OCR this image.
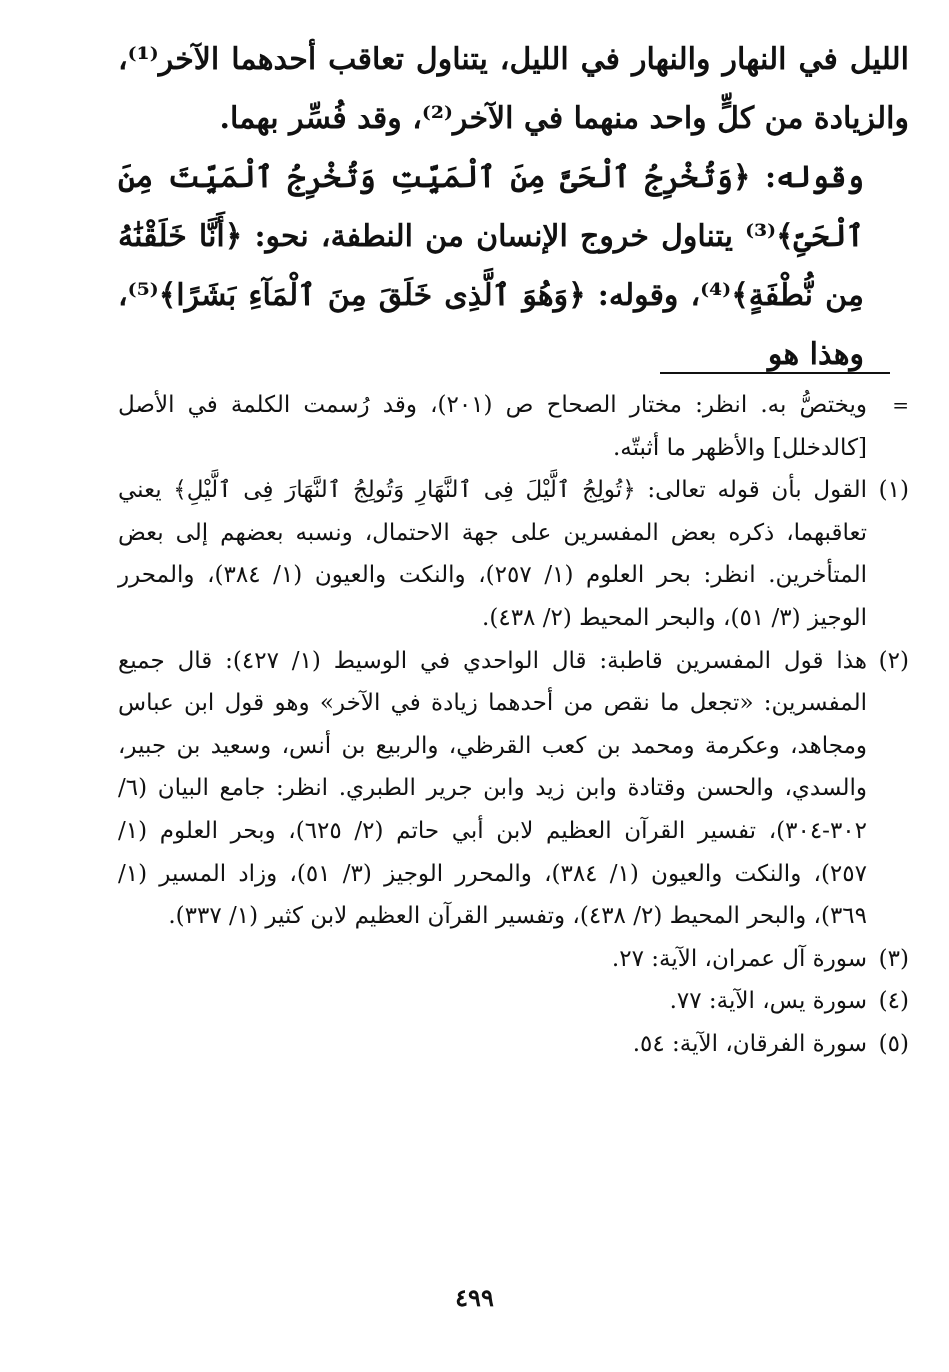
الليل في النهار والنهار في الليل، يتناول تعاقب أحدهما الآخر⁽¹⁾، والزيادة من كلٍّ واحد منهما في الآخر⁽²⁾، وقد فُسِّر بهما.

وقوله: ﴿وَتُخْرِجُ ٱلْحَىَّ مِنَ ٱلْمَيِّتِ وَتُخْرِجُ ٱلْمَيِّتَ مِنَ ٱلْحَىِّ﴾⁽³⁾ يتناول خروج الإنسان من النطفة، نحو: ﴿أَنَّا خَلَقْنَٰهُ مِن نُّطْفَةٍ﴾⁽⁴⁾، وقوله: ﴿وَهُوَ ٱلَّذِى خَلَقَ مِنَ ٱلْمَآءِ بَشَرًا﴾⁽⁵⁾، وهذا هو

=
ويختصُّ به. انظر: مختار الصحاح ص (٢٠١)، وقد رُسمت الكلمة في الأصل [كالدخلل] والأظهر ما أثبتّه.

(١)
القول بأن قوله تعالى: ﴿تُولِجُ ٱلَّيْلَ فِى ٱلنَّهَارِ وَتُولِجُ ٱلنَّهَارَ فِى ٱلَّيْلِ﴾ يعني تعاقبهما، ذكره بعض المفسرين على جهة الاحتمال، ونسبه بعضهم إلى بعض المتأخرين. انظر: بحر العلوم (١/ ٢٥٧)، والنكت والعيون (١/ ٣٨٤)، والمحرر الوجيز (٣/ ٥١)، والبحر المحيط (٢/ ٤٣٨).

(٢)
هذا قول المفسرين قاطبة: قال الواحدي في الوسيط (١/ ٤٢٧): قال جميع المفسرين: «تجعل ما نقص من أحدهما زيادة في الآخر» وهو قول ابن عباس ومجاهد، وعكرمة ومحمد بن كعب القرظي، والربيع بن أنس، وسعيد بن جبير، والسدي، والحسن وقتادة وابن زيد وابن جرير الطبري. انظر: جامع البيان (٦/ ٣٠٢-٣٠٤)، تفسير القرآن العظيم لابن أبي حاتم (٢/ ٦٢٥)، وبحر العلوم (١/ ٢٥٧)، والنكت والعيون (١/ ٣٨٤)، والمحرر الوجيز (٣/ ٥١)، وزاد المسير (١/ ٣٦٩)، والبحر المحيط (٢/ ٤٣٨)، وتفسير القرآن العظيم لابن كثير (١/ ٣٣٧).

(٣)
سورة آل عمران، الآية: ٢٧.

(٤)
سورة يس، الآية: ٧٧.

(٥)
سورة الفرقان، الآية: ٥٤.

٤٩٩
